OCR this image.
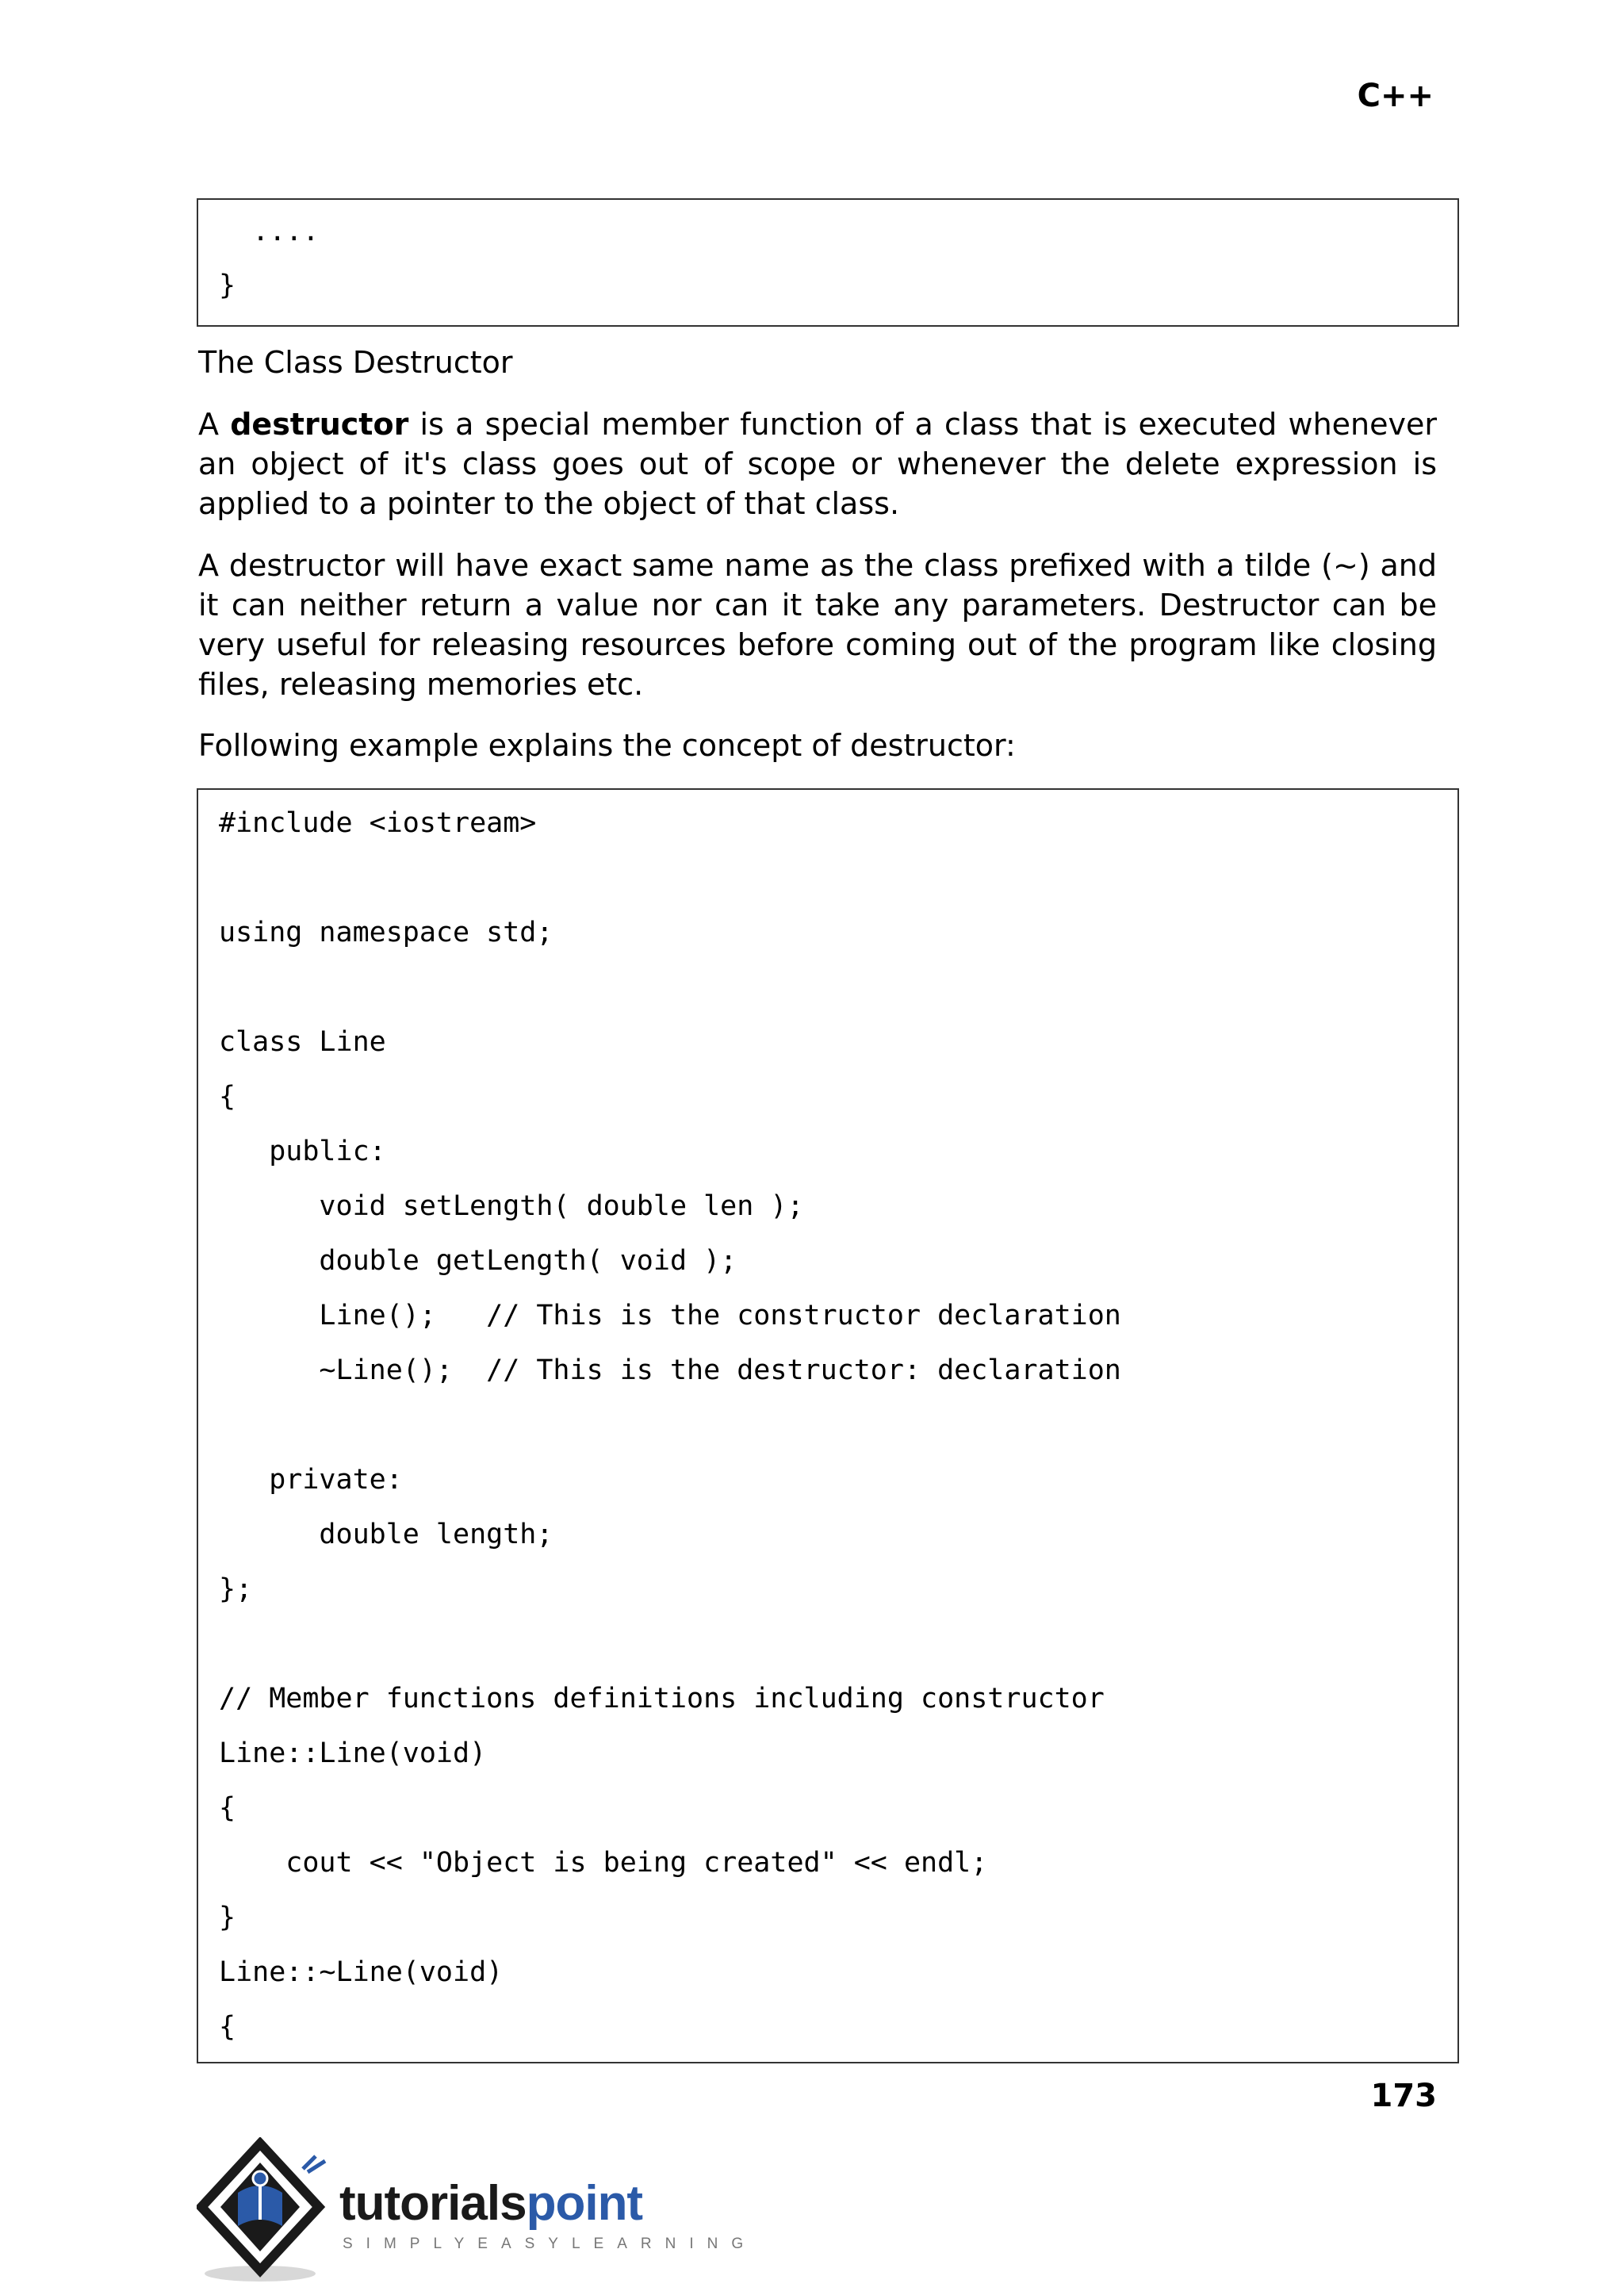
C++
....
}
The Class Destructor
A destructor is a special member function of a class that is executed whenever an object of it's class goes out of scope or whenever the delete expression is applied to a pointer to the object of that class.
A destructor will have exact same name as the class prefixed with a tilde (~) and it can neither return a value nor can it take any parameters. Destructor can be very useful for releasing resources before coming out of the program like closing files, releasing memories etc.
Following example explains the concept of destructor:
#include <iostream>
using namespace std;
class Line
{
public:
void setLength( double len );
double getLength( void );
Line();   // This is the constructor declaration
~Line();  // This is the destructor: declaration
private:
double length;
};
// Member functions definitions including constructor
Line::Line(void)
{
cout << "Object is being created" << endl;
}
Line::~Line(void)
{
173
tutorialspoint
SIMPLYEASYLEARNING
